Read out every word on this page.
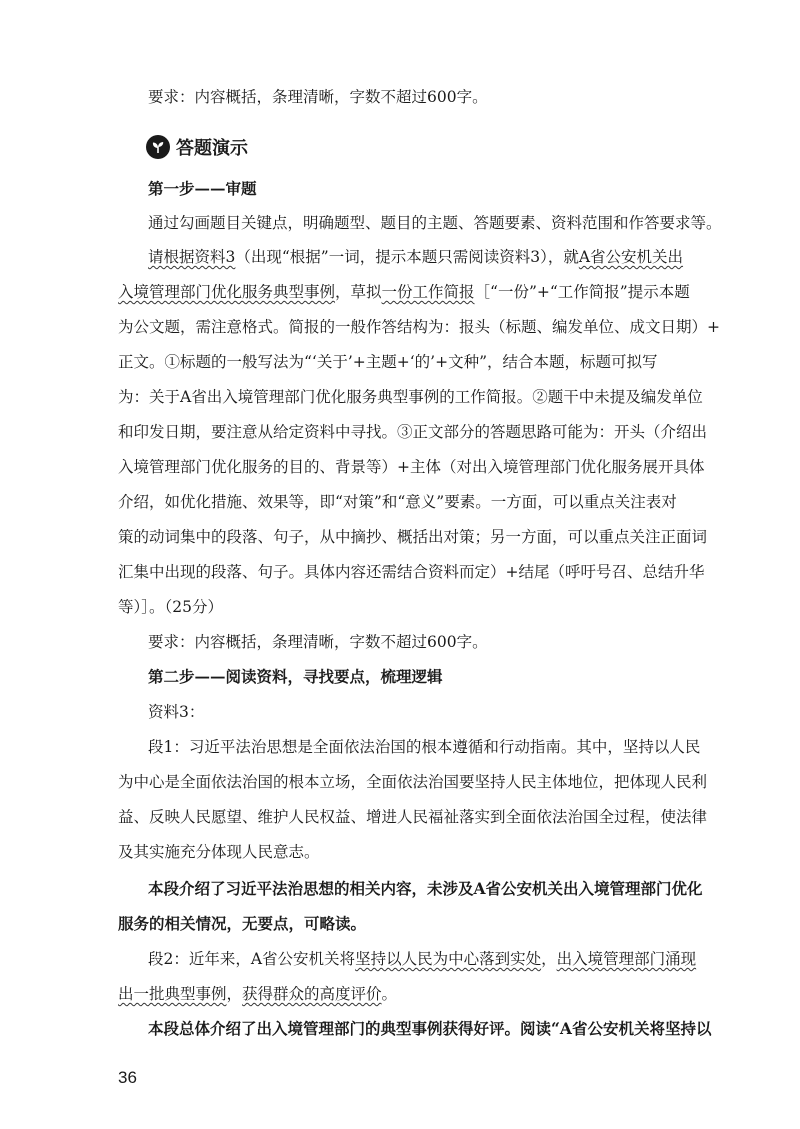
要求：内容概括，条理清晰，字数不超过600字。
答题演示
第一步——审题
通过勾画题目关键点，明确题型、题目的主题、答题要素、资料范围和作答要求等。
请根据资料3（出现“根据”一词，提示本题只需阅读资料3），就A省公安机关出
入境管理部门优化服务典型事例，草拟一份工作简报［“一份”+“工作简报”提示本题
为公文题，需注意格式。简报的一般作答结构为：报头（标题、编发单位、成文日期）+
正文。①标题的一般写法为“‘关于’+主题+‘的’+文种”，结合本题，标题可拟写
为：关于A省出入境管理部门优化服务典型事例的工作简报。②题干中未提及编发单位
和印发日期，要注意从给定资料中寻找。③正文部分的答题思路可能为：开头（介绍出
入境管理部门优化服务的目的、背景等）+主体（对出入境管理部门优化服务展开具体
介绍，如优化措施、效果等，即“对策”和“意义”要素。一方面，可以重点关注表对
策的动词集中的段落、句子，从中摘抄、概括出对策；另一方面，可以重点关注正面词
汇集中出现的段落、句子。具体内容还需结合资料而定）+结尾（呼吁号召、总结升华
等）］。（25分）
要求：内容概括，条理清晰，字数不超过600字。
第二步——阅读资料，寻找要点，梳理逻辑
资料3：
段1：习近平法治思想是全面依法治国的根本遵循和行动指南。其中，坚持以人民
为中心是全面依法治国的根本立场，全面依法治国要坚持人民主体地位，把体现人民利
益、反映人民愿望、维护人民权益、增进人民福祉落实到全面依法治国全过程，使法律
及其实施充分体现人民意志。
本段介绍了习近平法治思想的相关内容，未涉及A省公安机关出入境管理部门优化
服务的相关情况，无要点，可略读。
段2：近年来，A省公安机关将坚持以人民为中心落到实处，出入境管理部门涌现
出一批典型事例，获得群众的高度评价。
本段总体介绍了出入境管理部门的典型事例获得好评。阅读“A省公安机关将坚持以
36
